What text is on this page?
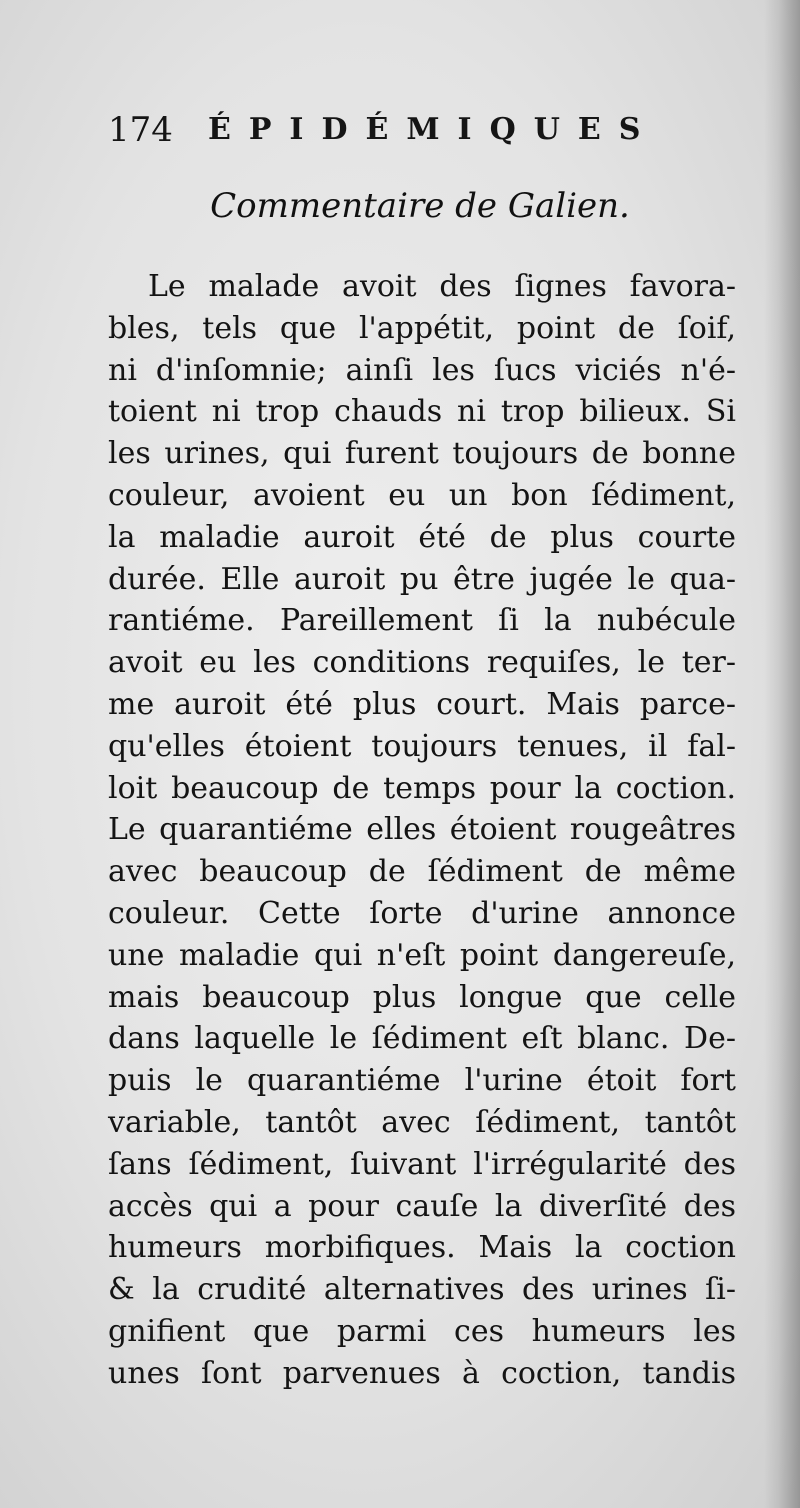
174 ÉPIDÉMIQUES
Commentaire de Galien.
Le malade avoit des ſignes favora-
bles, tels que l'appétit, point de ſoif,
ni d'inſomnie; ainſi les ſucs viciés n'é-
toient ni trop chauds ni trop bilieux. Si
les urines, qui furent toujours de bonne
couleur, avoient eu un bon ſédiment,
la maladie auroit été de plus courte
durée. Elle auroit pu être jugée le qua-
rantiéme. Pareillement ſi la nubécule
avoit eu les conditions requiſes, le ter-
me auroit été plus court. Mais parce-
qu'elles étoient toujours tenues, il fal-
loit beaucoup de temps pour la coction.
Le quarantiéme elles étoient rougeâtres
avec beaucoup de ſédiment de même
couleur. Cette ſorte d'urine annonce
une maladie qui n'eſt point dangereuſe,
mais beaucoup plus longue que celle
dans laquelle le ſédiment eſt blanc. De-
puis le quarantiéme l'urine étoit fort
variable, tantôt avec ſédiment, tantôt
ſans ſédiment, ſuivant l'irrégularité des
accès qui a pour cauſe la diverſité des
humeurs morbifiques. Mais la coction
& la crudité alternatives des urines ſi-
gnifient que parmi ces humeurs les
unes ſont parvenues à coction, tandis
